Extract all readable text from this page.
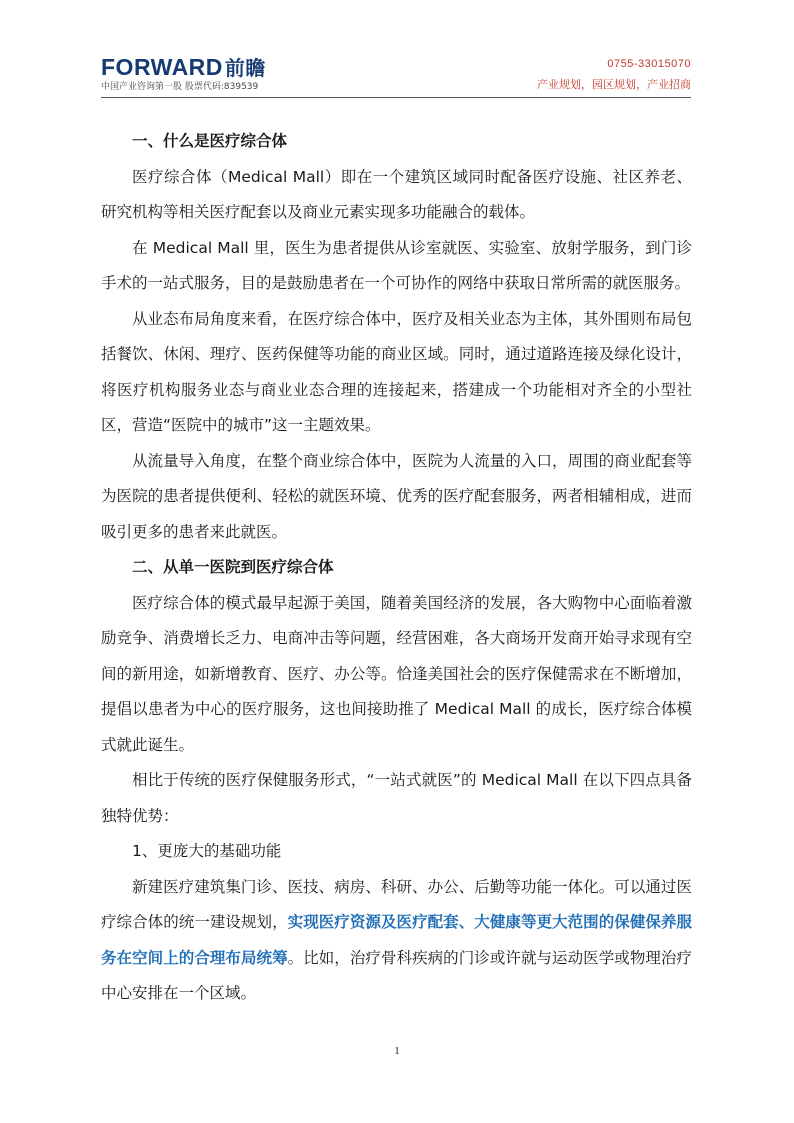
FORWARD 前瞻
中国产业咨询第一股 股票代码:839539
0755-33015070
产业规划，园区规划，产业招商
一、什么是医疗综合体

医疗综合体（Medical Mall）即在一个建筑区域同时配备医疗设施、社区养老、研究机构等相关医疗配套以及商业元素实现多功能融合的载体。

在 Medical Mall 里，医生为患者提供从诊室就医、实验室、放射学服务，到门诊手术的一站式服务，目的是鼓励患者在一个可协作的网络中获取日常所需的就医服务。

从业态布局角度来看，在医疗综合体中，医疗及相关业态为主体，其外围则布局包括餐饮、休闲、理疗、医药保健等功能的商业区域。同时，通过道路连接及绿化设计，将医疗机构服务业态与商业业态合理的连接起来，搭建成一个功能相对齐全的小型社区，营造“医院中的城市”这一主题效果。

从流量导入角度，在整个商业综合体中，医院为人流量的入口，周围的商业配套等为医院的患者提供便利、轻松的就医环境、优秀的医疗配套服务，两者相辅相成，进而吸引更多的患者来此就医。

二、从单一医院到医疗综合体

医疗综合体的模式最早起源于美国，随着美国经济的发展，各大购物中心面临着激励竞争、消费增长乏力、电商冲击等问题，经营困难，各大商场开发商开始寻求现有空间的新用途，如新增教育、医疗、办公等。恰逢美国社会的医疗保健需求在不断增加，提倡以患者为中心的医疗服务，这也间接助推了 Medical Mall 的成长，医疗综合体模式就此诞生。

相比于传统的医疗保健服务形式，“一站式就医”的 Medical Mall 在以下四点具备独特优势：

1、更庞大的基础功能

新建医疗建筑集门诊、医技、病房、科研、办公、后勤等功能一体化。可以通过医疗综合体的统一建设规划，实现医疗资源及医疗配套、大健康等更大范围的保健保养服务在空间上的合理布局统筹。比如，治疗骨科疾病的门诊或许就与运动医学或物理治疗中心安排在一个区域。

1
